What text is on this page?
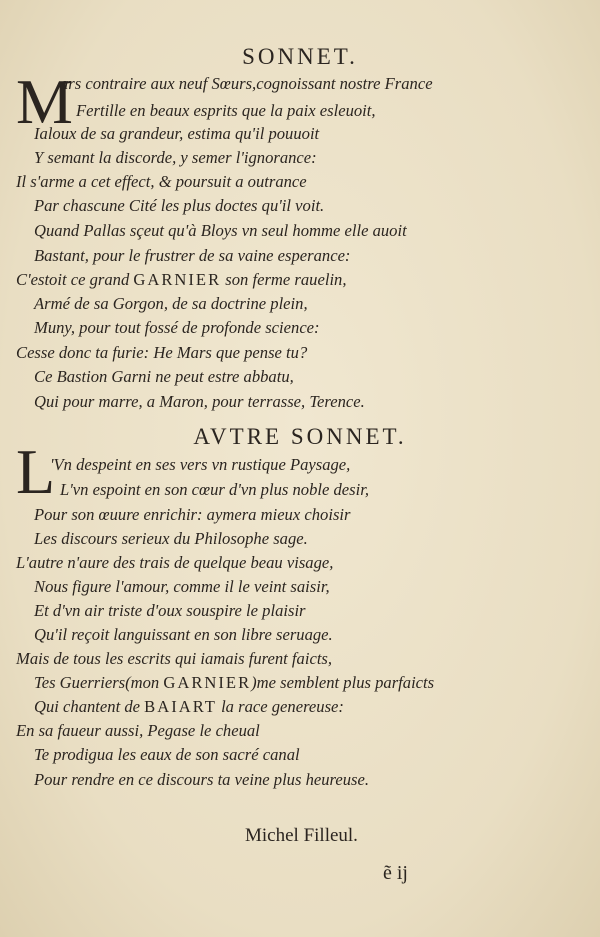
SONNET.
M
ars contraire aux neuf Sœurs,cognoissant nostre France
Fertille en beaux esprits que la paix esleuoit,
Ialoux de sa grandeur, estima qu'il pouuoit
Y semant la discorde, y semer l'ignorance:
Il s'arme a cet effect, & poursuit a outrance
Par chascune Cité les plus doctes qu'il voit.
Quand Pallas sçeut qu'à Bloys vn seul homme elle auoit
Bastant, pour le frustrer de sa vaine esperance:
C'estoit ce grand GARNIER son ferme rauelin,
Armé de sa Gorgon, de sa doctrine plein,
Muny, pour tout fossé de profonde science:
Cesse donc ta furie: He Mars que pense tu?
Ce Bastion Garni ne peut estre abbatu,
Qui pour marre, a Maron, pour terrasse, Terence.
AVTRE SONNET.
L
'Vn despeint en ses vers vn rustique Paysage,
L'vn espoint en son cœur d'vn plus noble desir,
Pour son œuure enrichir: aymera mieux choisir
Les discours serieux du Philosophe sage.
L'autre n'aure des trais de quelque beau visage,
Nous figure l'amour, comme il le veint saisir,
Et d'vn air triste d'oux souspire le plaisir
Qu'il reçoit languissant en son libre seruage.
Mais de tous les escrits qui iamais furent faicts,
Tes Guerriers(mon GARNIER)me semblent plus parfaicts
Qui chantent de BAIART la race genereuse:
En sa faueur aussi, Pegase le cheual
Te prodigua les eaux de son sacré canal
Pour rendre en ce discours ta veine plus heureuse.
Michel Filleul.
ẽ ij
